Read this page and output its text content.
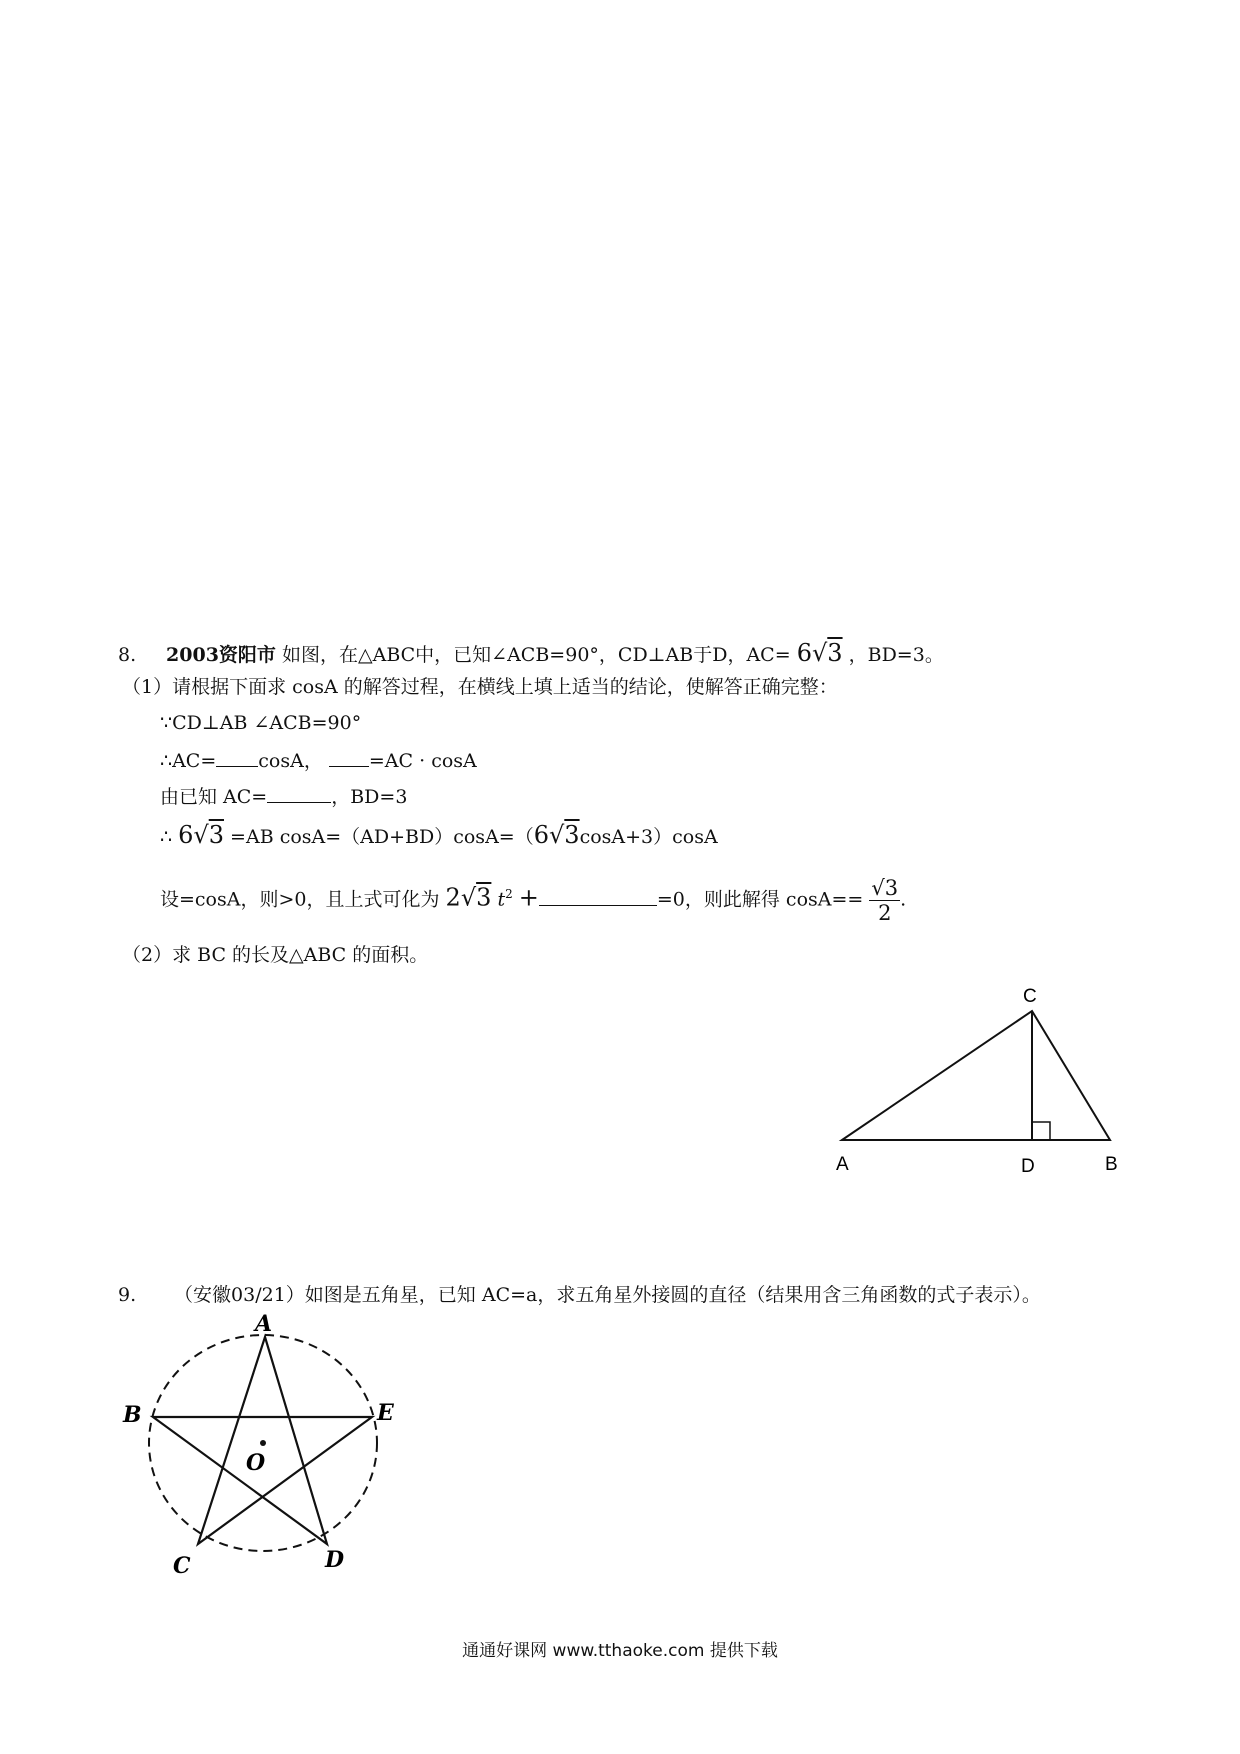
8. 2003资阳市 如图，在△ABC中，已知∠ACB=90°，CD⊥AB于D，AC= 6√3 ，BD=3。
（1）请根据下面求 cosA 的解答过程，在横线上填上适当的结论，使解答正确完整：
∵CD⊥AB ∠ACB=90°
∴AC= cosA， =AC · cosA
由已知 AC=	，BD=3
∴ 6√3 =AB cosA=（AD+BD）cosA=（6√3cosA+3）cosA
设=cosA，则>0，且上式可化为 2√3 $t^2$ +	=0，则此解得 $\cos A== \frac{√3}{2}$ .
（2）求 BC 的长及△ABC 的面积。
C
A	D	B
9. （安徽03/21）如图是五角星，已知 AC=a，求五角星外接圆的直径（结果用含三角函数的式子表示）。
A
B	E
O
C	D
通通好课网 www.tthaoke.com 提供下载
